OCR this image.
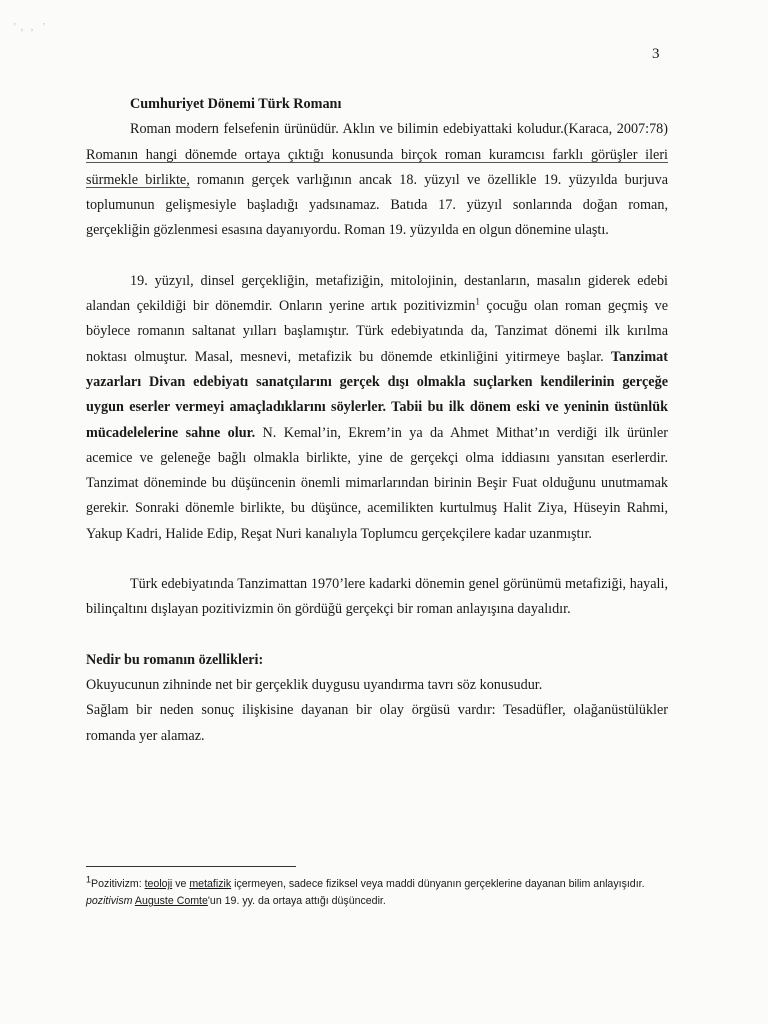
'  ,   ,    '
3
Cumhuriyet Dönemi Türk Romanı

Roman modern felsefenin ürünüdür. Aklın ve bilimin edebiyattaki koludur.(Karaca, 2007:78) Romanın hangi dönemde ortaya çıktığı konusunda birçok roman kuramcısı farklı görüşler ileri sürmekle birlikte, romanın gerçek varlığının ancak 18. yüzyıl ve özellikle 19. yüzyılda burjuva toplumunun gelişmesiyle başladığı yadsınamaz. Batıda 17. yüzyıl sonlarında doğan roman, gerçekliğin gözlenmesi esasına dayanıyordu. Roman 19. yüzyılda en olgun dönemine ulaştı.

19. yüzyıl, dinsel gerçekliğin, metafiziğin, mitolojinin, destanların, masalın giderek edebi alandan çekildiği bir dönemdir. Onların yerine artık pozitivizmin$^1$ çocuğu olan roman geçmiş ve böylece romanın saltanat yılları başlamıştır. Türk edebiyatında da, Tanzimat dönemi ilk kırılma noktası olmuştur. Masal, mesnevi, metafizik bu dönemde etkinliğini yitirmeye başlar. Tanzimat yazarları Divan edebiyatı sanatçılarını gerçek dışı olmakla suçlarken kendilerinin gerçeğe uygun eserler vermeyi amaçladıklarını söylerler. Tabii bu ilk dönem eski ve yeninin üstünlük mücadelelerine sahne olur. N. Kemal’in, Ekrem’in ya da Ahmet Mithat’ın verdiği ilk ürünler acemice ve geleneğe bağlı olmakla birlikte, yine de gerçekçi olma iddiasını yansıtan eserlerdir. Tanzimat döneminde bu düşüncenin önemli mimarlarından birinin Beşir Fuat olduğunu unutmamak gerekir. Sonraki dönemle birlikte, bu düşünce, acemilikten kurtulmuş Halit Ziya, Hüseyin Rahmi, Yakup Kadri, Halide Edip, Reşat Nuri kanalıyla Toplumcu gerçekçilere kadar uzanmıştır.

Türk edebiyatında Tanzimattan 1970’lere kadarki dönemin genel görünümü metafiziği, hayali, bilinçaltını dışlayan pozitivizmin ön gördüğü gerçekçi bir roman anlayışına dayalıdır.

Nedir bu romanın özellikleri:

Okuyucunun zihninde net bir gerçeklik duygusu uyandırma tavrı söz konusudur.

Sağlam bir neden sonuç ilişkisine dayanan bir olay örgüsü vardır: Tesadüfler, olağanüstülükler romanda yer alamaz.

$^1$Pozitivizm: teoloji ve metafizik içermeyen, sadece fiziksel veya maddi dünyanın gerçeklerine dayanan bilim anlayışıdır. pozitivism Auguste Comte'un 19. yy. da ortaya attığı düşüncedir.
